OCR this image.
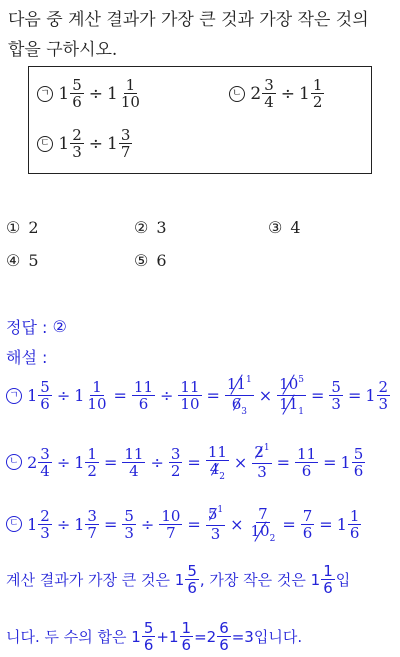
다음 중 계산 결과가 가장 큰 것과 가장 작은 것의
합을 구하시오.
ㄱ
$1 \frac{5}{6} \div 1 \frac{1}{10}$	ㄴ
$2 \frac{3}{4} \div 1 \frac{1}{2}$
ㄷ
$1 \frac{2}{3} \div 1 \frac{3}{7}$
① 2	② 3	③ 4
④ 5	⑤ 6
정답 :
②
해설 :
ㄱ
$1 \frac{5}{6} \div 1 \frac{1}{10} = \frac{11}{6} \div \frac{11}{10} = \frac{11^1}{6_3} \times \frac{10^5}{11_1} = \frac{5}{3} = 1 \frac{2}{3}$
ㄴ
$2 \frac{3}{4} \div 1 \frac{1}{2} = \frac{11}{4} \div \frac{3}{2} = \frac{11}{4_2} \times \frac{2^1}{3} = \frac{11}{6} = 1 \frac{5}{6}$
ㄷ
$1 \frac{2}{3} \div 1 \frac{3}{7} = \frac{5}{3} \div \frac{10}{7} = \frac{5^1}{3} \times \frac{7}{10_2} = \frac{7}{6} = 1 \frac{1}{6}$
계산 결과가 가장 큰 것은
$1 \frac{5}{6}$ , 가장 작은 것은
$1 \frac{1}{6}$ 입
니다. 두 수의 합은
$1 \frac{5}{6} + 1 \frac{1}{6} = 2 \frac{6}{6} =3$입니다.
